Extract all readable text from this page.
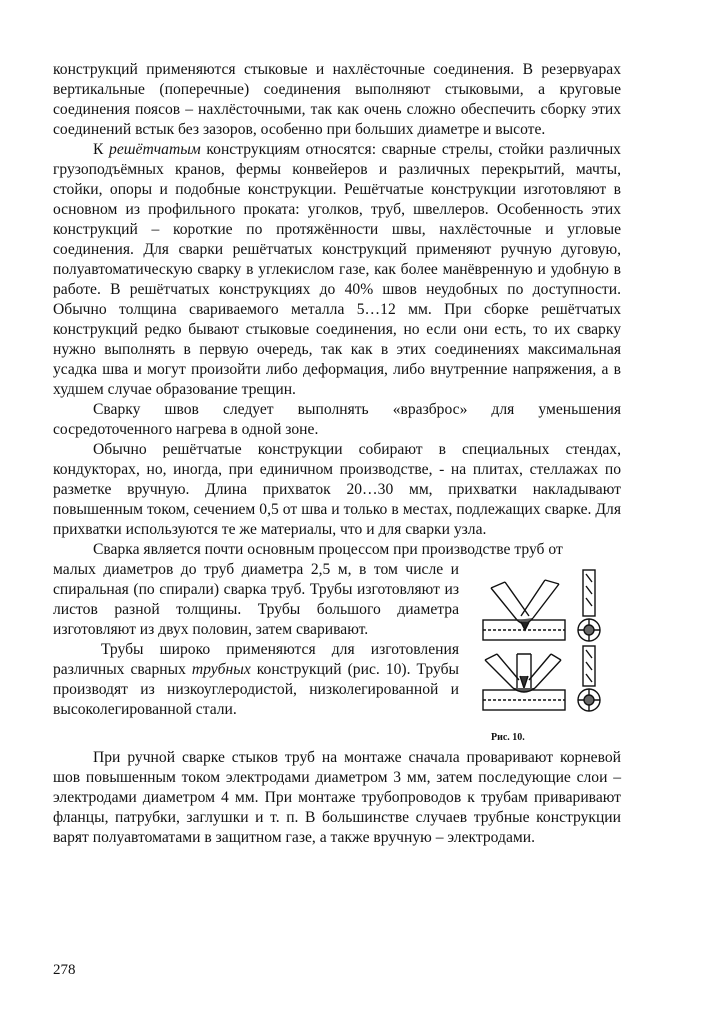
конструкций применяются стыковые и нахлёсточные соединения. В резервуарах вертикальные (поперечные) соединения выполняют стыковыми, а круговые соединения поясов – нахлёсточными, так как очень сложно обеспечить сборку этих соединений встык без зазоров, особенно при больших диаметре и высоте.

К решётчатым конструкциям относятся: сварные стрелы, стойки различных грузоподъёмных кранов, фермы конвейеров и различных перекрытий, мачты, стойки, опоры и подобные конструкции. Решётчатые конструкции изготовляют в основном из профильного проката: уголков, труб, швеллеров. Особенность этих конструкций – короткие по протяжённости швы, нахлёсточные и угловые соединения. Для сварки решётчатых конструкций применяют ручную дуговую, полуавтоматическую сварку в углекислом газе, как более манёвренную и удобную в работе. В решётчатых конструкциях до 40% швов неудобных по доступности. Обычно толщина свариваемого металла 5…12 мм. При сборке решётчатых конструкций редко бывают стыковые соединения, но если они есть, то их сварку нужно выполнять в первую очередь, так как в этих соединениях максимальная усадка шва и могут произойти либо деформация, либо внутренние напряжения, а в худшем случае образование трещин.

Сварку швов следует выполнять «вразброс» для уменьшения сосредоточенного нагрева в одной зоне.

Обычно решётчатые конструкции собирают в специальных стендах, кондукторах, но, иногда, при единичном производстве, - на плитах, стеллажах по разметке вручную. Длина прихваток 20…30 мм, прихватки накладывают повышенным током, сечением 0,5 от шва и только в местах, подлежащих сварке. Для прихватки используются те же материалы, что и для сварки узла.

Сварка является почти основным процессом при производстве труб от

Рис. 10.

малых диаметров до труб диаметра 2,5 м, в том числе и спиральная (по спирали) сварка труб. Трубы изготовляют из листов разной толщины. Трубы большого диаметра изготовляют из двух половин, затем сваривают.

Трубы широко применяются для изготовления различных сварных трубных конструкций (рис. 10). Трубы производят из низкоуглеродистой, низколегированной и высоколегированной стали.

При ручной сварке стыков труб на монтаже сначала проваривают корневой шов повышенным током электродами диаметром 3 мм, затем последующие слои – электродами диаметром 4 мм. При монтаже трубопроводов к трубам приваривают фланцы, патрубки, заглушки и т. п. В большинстве случаев трубные конструкции варят полуавтоматами в защитном газе, а также вручную – электродами.

278
